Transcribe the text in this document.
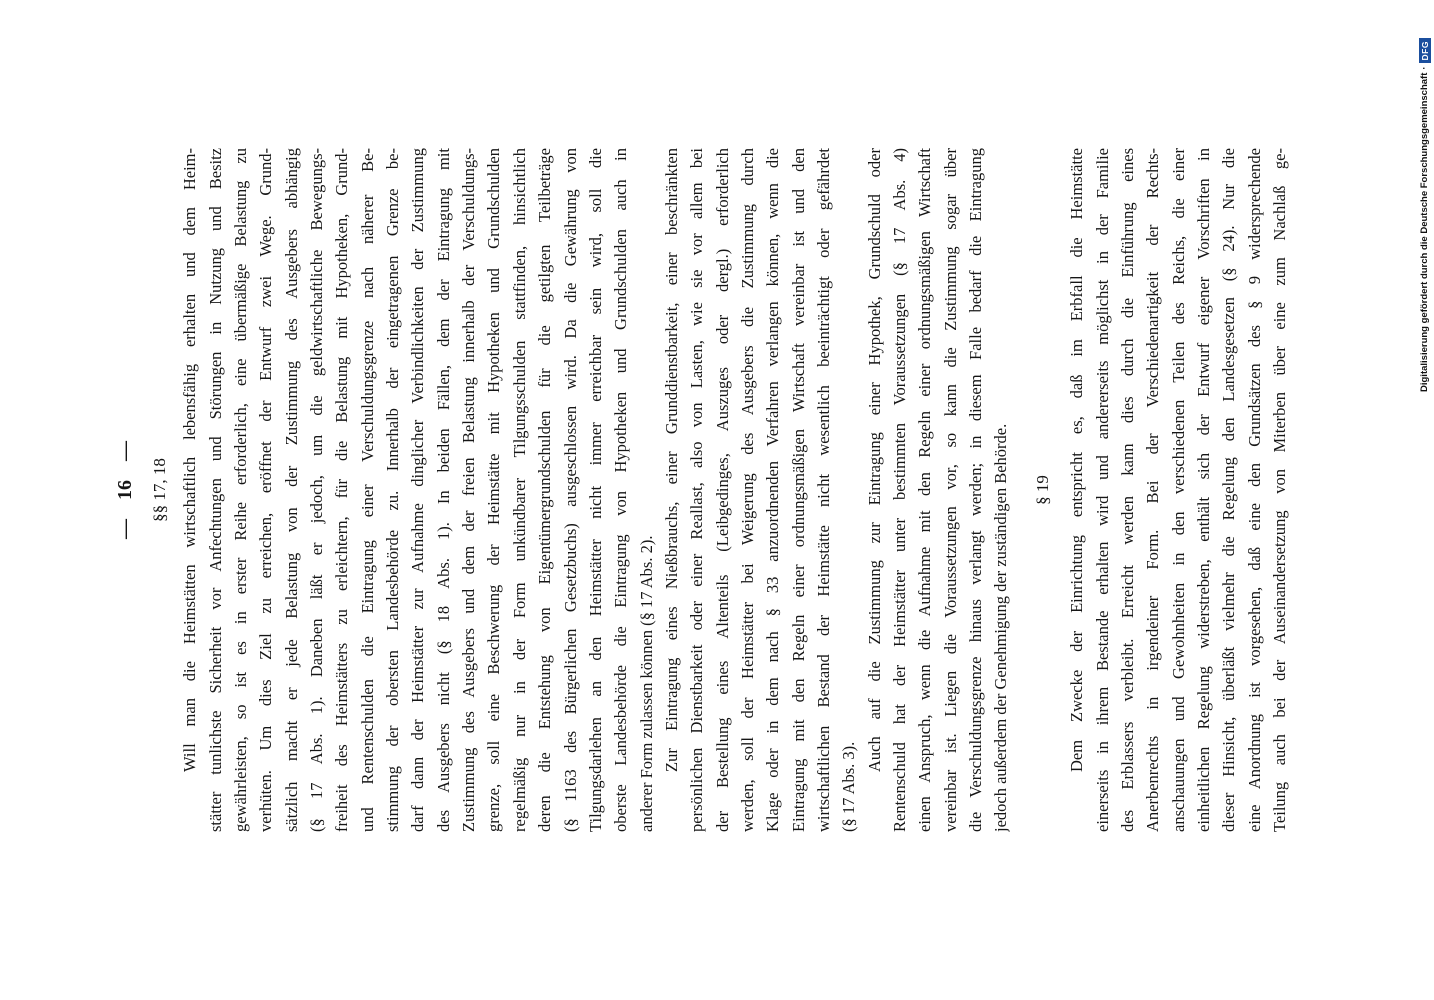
— 16 — §§ 17, 18 Will man die Heimstätten wirtschaftlich lebensfähig erhalten und dem Heim- stätter tunlichste Sicherheit vor Anfechtungen und Störungen in Nutzung und Besitz gewährleisten, so ist es in erster Reihe erforderlich, eine übermäßige Belastung zu verhüten. Um dies Ziel zu erreichen, eröffnet der Entwurf zwei Wege. Grund- sätzlich macht er jede Belastung von der Zustimmung des Ausgebers abhängig (§ 17 Abs. 1). Daneben läßt er jedoch, um die geldwirtschaftliche Bewegungs- freiheit des Heimstätters zu erleichtern, für die Belastung mit Hypotheken, Grund- und Rentenschulden die Eintragung einer Verschuldungsgrenze nach näherer Be- stimmung der obersten Landesbehörde zu. Innerhalb der eingetragenen Grenze be- darf dann der Heimstätter zur Aufnahme dinglicher Verbindlichkeiten der Zustimmung des Ausgebers nicht (§ 18 Abs. 1). In beiden Fällen, dem der Eintragung mit Zustimmung des Ausgebers und dem der freien Belastung innerhalb der Verschuldungs- grenze, soll eine Beschwerung der Heimstätte mit Hypotheken und Grundschulden regelmäßig nur in der Form unkündbarer Tilgungsschulden stattfinden, hinsichtlich deren die Entstehung von Eigentümergrundschulden für die getilgten Teilbeträge (§ 1163 des Bürgerlichen Gesetzbuchs) ausgeschlossen wird. Da die Gewährung von Tilgungsdarlehen an den Heimstätter nicht immer erreichbar sein wird, soll die oberste Landesbehörde die Eintragung von Hypotheken und Grundschulden auch in anderer Form zulassen können (§ 17 Abs. 2). Zur Eintragung eines Nießbrauchs, einer Grunddienstbarkeit, einer beschränkten persönlichen Dienstbarkeit oder einer Reallast, also von Lasten, wie sie vor allem bei der Bestellung eines Altenteils (Leibgedinges, Auszuges oder dergl.) erforderlich werden, soll der Heimstätter bei Weigerung des Ausgebers die Zustimmung durch Klage oder in dem nach § 33 anzuordnenden Verfahren verlangen können, wenn die Eintragung mit den Regeln einer ordnungsmäßigen Wirtschaft vereinbar ist und den wirtschaftlichen Bestand der Heimstätte nicht wesentlich beeinträchtigt oder gefährdet (§ 17 Abs. 3).
Auch auf die Zustimmung zur Eintragung einer Hypothek, Grundschuld oder Rentenschuld hat der Heimstätter unter bestimmten Voraussetzungen (§ 17 Abs. 4) einen Anspruch, wenn die Aufnahme mit den Regeln einer ordnungsmäßigen Wirtschaft vereinbar ist. Liegen die Voraussetzungen vor, so kann die Zustimmung sogar über die Verschuldungsgrenze hinaus verlangt werden; in diesem Falle bedarf die Eintragung jedoch außerdem der Genehmigung der zuständigen Behörde. § 19 Dem Zwecke der Einrichtung entspricht es, daß im Erbfall die Heimstätte einerseits in ihrem Bestande erhalten wird und andererseits möglichst in der Familie des Erblassers verbleibt. Erreicht werden kann dies durch die Einführung eines Anerbenrechts in irgendeiner Form. Bei der Verschiedenartigkeit der Rechts- anschauungen und Gewohnheiten in den verschiedenen Teilen des Reichs, die einer einheitlichen Regelung widerstreben, enthält sich der Entwurf eigener Vorschriften in dieser Hinsicht, überläßt vielmehr die Regelung den Landesgesetzen (§ 24). Nur die eine Anordnung ist vorgesehen, daß eine den Grundsätzen des § 9 widersprechende Teilung auch bei der Auseinandersetzung von Miterben über eine zum Nachlaß ge-	Digitalisierung gefördert durch die Deutsche Forschungsgemeinschaft
·
DFG
